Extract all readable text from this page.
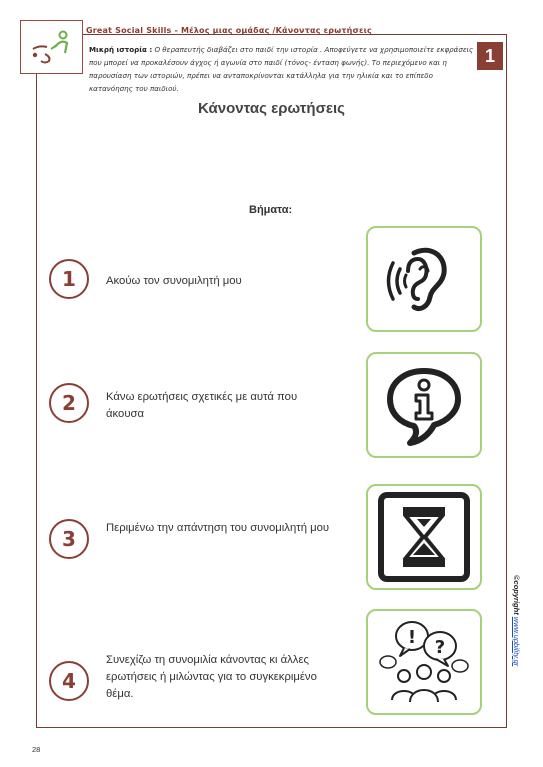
Great Social Skills - Μέλος μιας ομάδας /Κάνοντας ερωτήσεις
1
Μικρή ιστορία : Ο θεραπευτής διαβάζει στο παιδί την ιστορία . Αποφεύγετε να χρησιμοποιείτε εκφράσεις που μπορεί να προκαλέσουν άγχος ή αγωνία στο παιδί (τόνος- ένταση φωνής). Το περιεχόμενο και η παρουσίαση των ιστοριών, πρέπει να ανταποκρίνονται κατάλληλα για την ηλικία και το επίπεδο κατανόησης του παιδιού.
Κάνοντας ερωτήσεις
Βήματα:
1	Ακούω τον συνομιλητή μου
2	Κάνω ερωτήσεις σχετικές με αυτά που άκουσα
3	Περιμένω την απάντηση του συνομιλητή μου
4
Συνεχίζω τη συνομιλία κάνοντας κι άλλες ερωτήσεις ή μιλώντας για το συγκεκριμένο θέμα.
! ?
©copyright www.upbility.gr
28
